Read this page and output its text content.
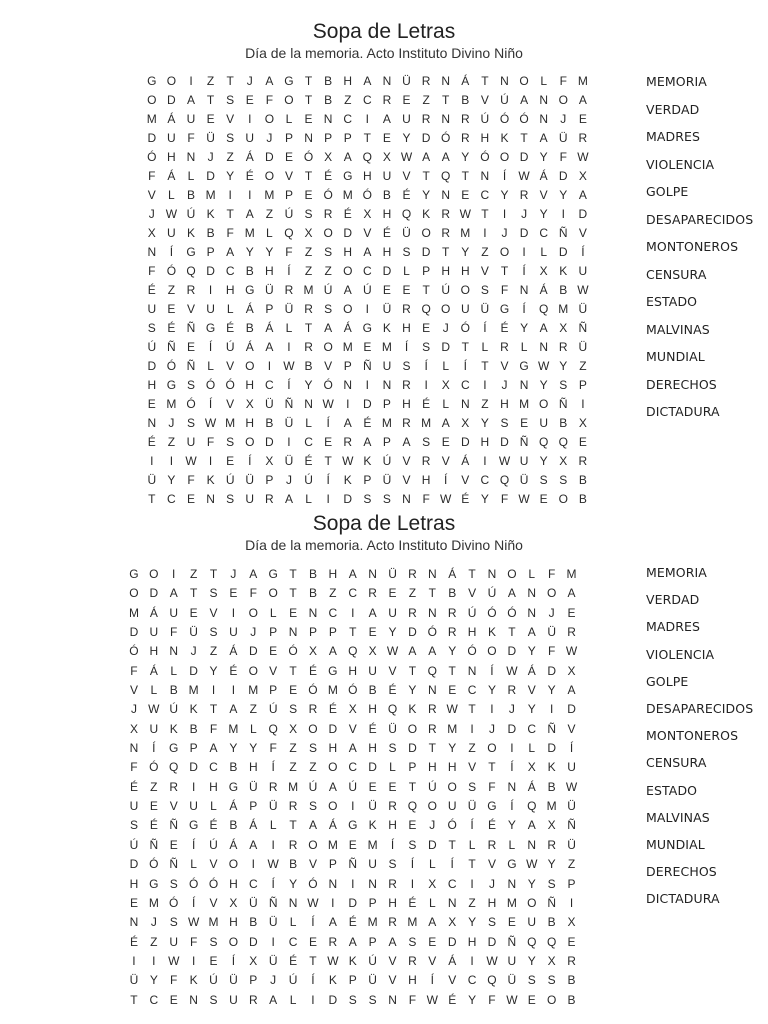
Sopa de Letras
Día de la memoria. Acto Instituto Divino Niño
G O I Z T J A G T B H A N Ü R N Á T N O L F M
O D A T S E F O T B Z C R E Z T B V Ú A N O A
M Á U E V I O L E N C I A U R N R Ú Ó Ó N J E
D U F Ü S U J P N P P T E Y D Ó R H K T A Ü R
Ó H N J Z Á D E Ó X A Q X W A A Y Ó O D Y F W
F Á L D Y É O V T É G H U V T Q T N Í W Á D X
V L B M I I M P E Ó M Ó B É Y N E C Y R V Y A
J W Ú K T A Z Ú S R É X H Q K R W T I J Y I D
X U K B F M L Q X O D V É Ü O R M I J D C Ñ V
N Í G P A Y Y F Z S H A H S D T Y Z O I L D Í
F Ó Q D C B H Í Z Z O C D L P H H V T Í X K U
É Z R I H G Ü R M Ú A Ú E E T Ú O S F N Á B W
U E V U L Á P Ü R S O I Ü R Q O U Ü G Í Q M Ü
S É Ñ G É B Á L T A Á G K H E J Ó Í É Y A X Ñ
Ú Ñ E Í Ú Á A I R O M E M Í S D T L R L N R Ü
D Ó Ñ L V O I W B V P Ñ U S Í L Í T V G W Y Z
H G S Ó Ó H C Í Y Ó N I N R I X C I J N Y S P
E M Ó Í V X Ü Ñ N W I D P H É L N Z H M O Ñ I
N J S W M H B Ü L Í A É M R M A X Y S E U B X
É Z U F S O D I C E R A P A S E D H D Ñ Q Q E
I I W I E Í X Ü É T W K Ú V R V Á I W U Y X R
Ü Y F K Ú Ü P J Ú Í K P Ü V H Í V C Q Ü S S B
T C E N S U R A L I D S S N F W É Y F W E O B
MEMORIA
VERDAD
MADRES
VIOLENCIA
GOLPE
DESAPARECIDOS
MONTONEROS
CENSURA
ESTADO
MALVINAS
MUNDIAL
DERECHOS
DICTADURA
Sopa de Letras
Día de la memoria. Acto Instituto Divino Niño
G O I Z T J A G T B H A N Ü R N Á T N O L F M
O D A T S E F O T B Z C R E Z T B V Ú A N O A
M Á U E V I O L E N C I A U R N R Ú Ó Ó N J E
D U F Ü S U J P N P P T E Y D Ó R H K T A Ü R
Ó H N J Z Á D E Ó X A Q X W A A Y Ó O D Y F W
F Á L D Y É O V T É G H U V T Q T N Í W Á D X
V L B M I I M P E Ó M Ó B É Y N E C Y R V Y A
J W Ú K T A Z Ú S R É X H Q K R W T I J Y I D
X U K B F M L Q X O D V É Ü O R M I J D C Ñ V
N Í G P A Y Y F Z S H A H S D T Y Z O I L D Í
F Ó Q D C B H Í Z Z O C D L P H H V T Í X K U
É Z R I H G Ü R M Ú A Ú E E T Ú O S F N Á B W
U E V U L Á P Ü R S O I Ü R Q O U Ü G Í Q M Ü
S É Ñ G É B Á L T A Á G K H E J Ó Í É Y A X Ñ
Ú Ñ E Í Ú Á A I R O M E M Í S D T L R L N R Ü
D Ó Ñ L V O I W B V P Ñ U S Í L Í T V G W Y Z
H G S Ó Ó H C Í Y Ó N I N R I X C I J N Y S P
E M Ó Í V X Ü Ñ N W I D P H É L N Z H M O Ñ I
N J S W M H B Ü L Í A É M R M A X Y S E U B X
É Z U F S O D I C E R A P A S E D H D Ñ Q Q E
I I W I E Í X Ü É T W K Ú V R V Á I W U Y X R
Ü Y F K Ú Ü P J Ú Í K P Ü V H Í V C Q Ü S S B
T C E N S U R A L I D S S N F W É Y F W E O B
MEMORIA
VERDAD
MADRES
VIOLENCIA
GOLPE
DESAPARECIDOS
MONTONEROS
CENSURA
ESTADO
MALVINAS
MUNDIAL
DERECHOS
DICTADURA
